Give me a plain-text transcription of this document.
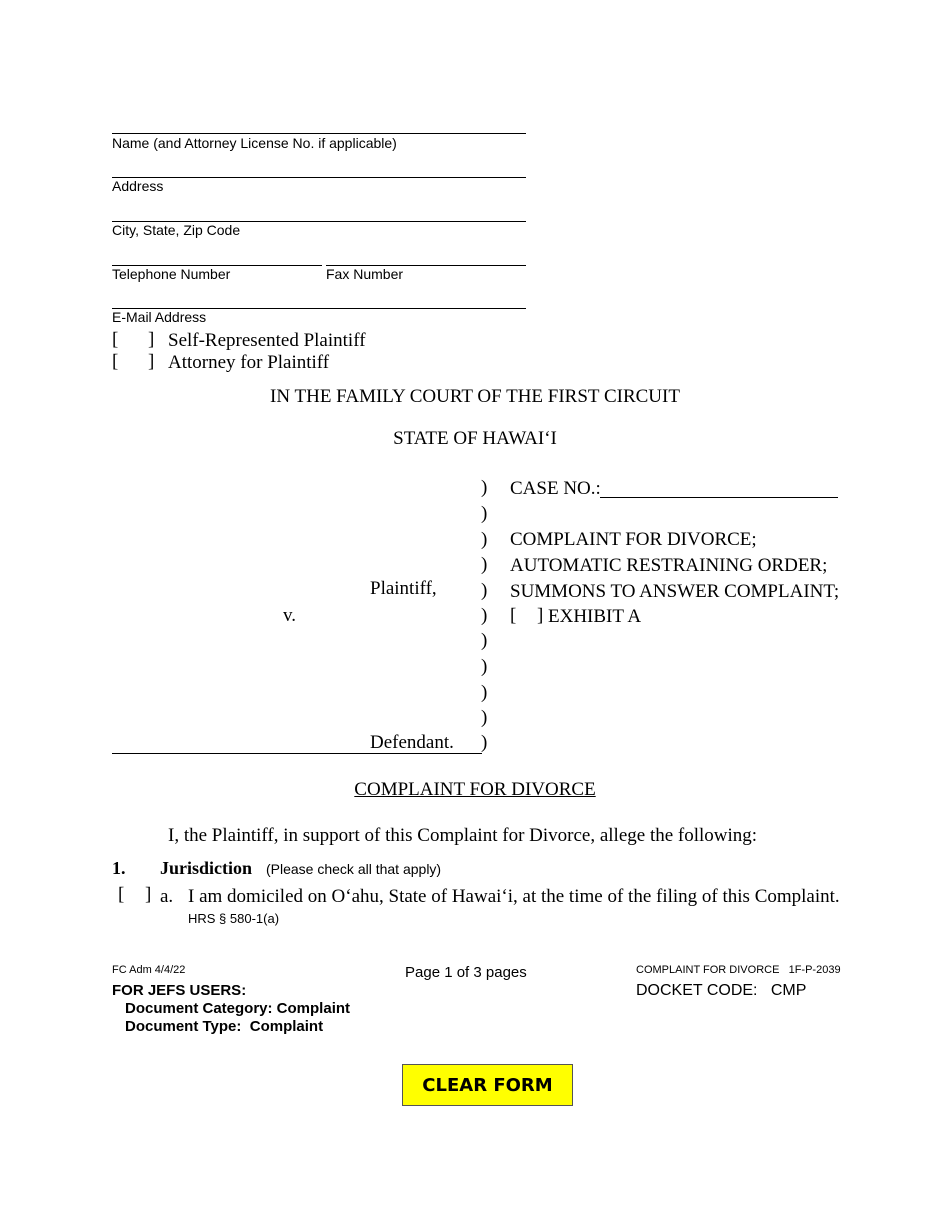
Name (and Attorney License No. if applicable)
Address
City, State, Zip Code
Telephone Number	Fax Number
E-Mail Address
[ ] Self-Represented Plaintiff
[ ] Attorney for Plaintiff
IN THE FAMILY COURT OF THE FIRST CIRCUIT
STATE OF HAWAI‘I
Plaintiff,
v.
Defendant.
)
)
)
)
)
)
)
)
)
)
)
CASE NO.:
COMPLAINT FOR DIVORCE;
AUTOMATIC RESTRAINING ORDER;
SUMMONS TO ANSWER COMPLAINT;
[ ] EXHIBIT A
COMPLAINT FOR DIVORCE
I, the Plaintiff, in support of this Complaint for Divorce, allege the following:
1. Jurisdiction (Please check all that apply)
[ ] a. I am domiciled on O‘ahu, State of Hawai‘i, at the time of the filing of this Complaint.
HRS § 580-1(a)
FC Adm 4/4/22	Page 1 of 3 pages	COMPLAINT FOR DIVORCE   1F-P-2039
FOR JEFS USERS:
Document Category: Complaint
Document Type:  Complaint
DOCKET CODE:   CMP
CLEAR FORM
